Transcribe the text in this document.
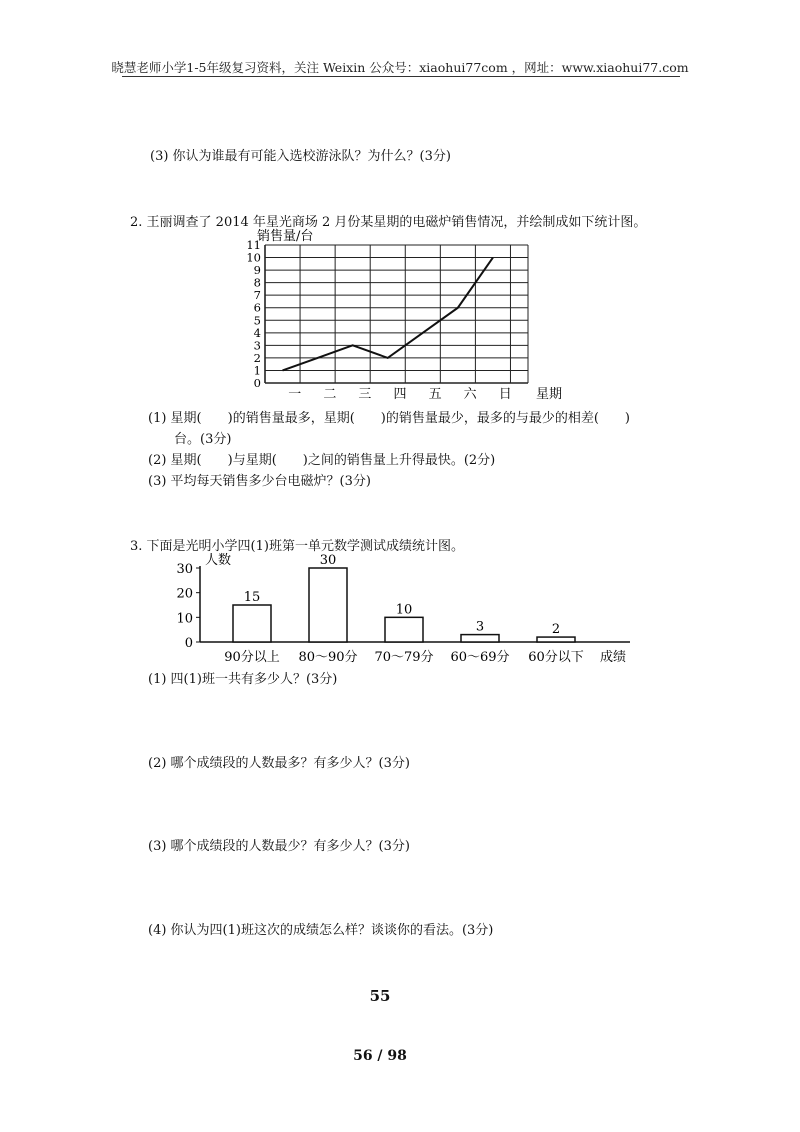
晓慧老师小学1-5年级复习资料，关注 Weixin 公众号：xiaohui77com ，网址：www.xiaohui77.com
(3) 你认为谁最有可能入选校游泳队？为什么？(3分)
2. 王丽调查了 2014 年星光商场 2 月份某星期的电磁炉销售情况，并绘制成如下统计图。
销售量/台
星期
0
1
2
3
4
5
6
7
8
9
10
11
一 二 三 四 五 六 日
(1) 星期(　　)的销售量最多，星期(　　)的销售量最少，最多的与最少的相差(　　)
台。(3分)
(2) 星期(　　)与星期(　　)之间的销售量上升得最快。(2分)
(3) 平均每天销售多少台电磁炉？(3分)
3. 下面是光明小学四(1)班第一单元数学测试成绩统计图。
人数
成绩
0
10
20
30
15
30
10
3	2
90分以上 80～90分 70～79分 60～69分 60分以下
(1) 四(1)班一共有多少人？(3分)
(2) 哪个成绩段的人数最多？有多少人？(3分)
(3) 哪个成绩段的人数最少？有多少人？(3分)
(4) 你认为四(1)班这次的成绩怎么样？谈谈你的看法。(3分)
55
56 / 98
